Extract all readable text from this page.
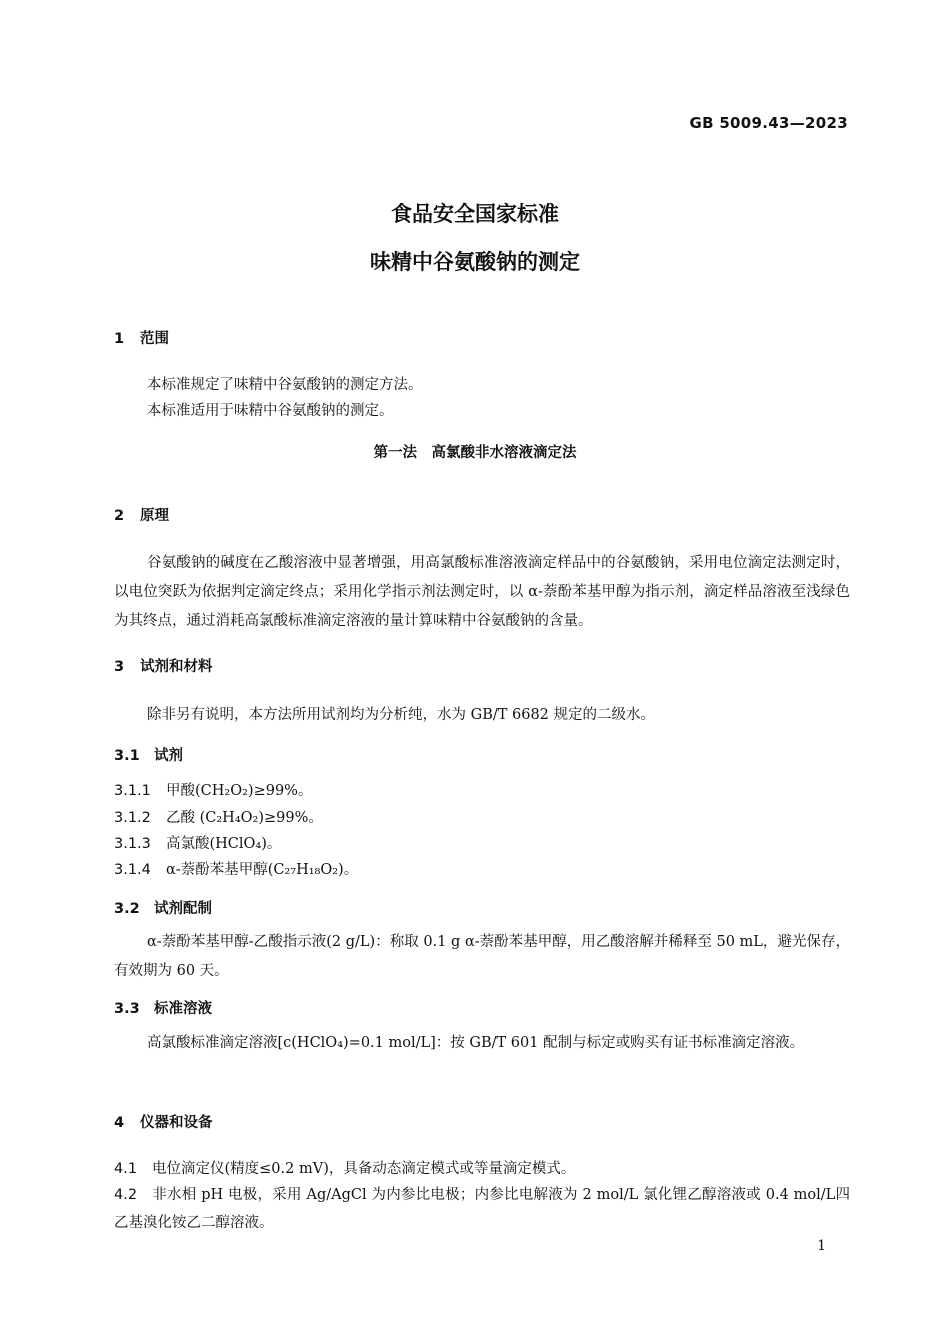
GB 5009.43—2023
食品安全国家标准
味精中谷氨酸钠的测定
1 范围
本标准规定了味精中谷氨酸钠的测定方法。
本标准适用于味精中谷氨酸钠的测定。
第一法　高氯酸非水溶液滴定法
2 原理
谷氨酸钠的碱度在乙酸溶液中显著增强，用高氯酸标准溶液滴定样品中的谷氨酸钠，采用电位滴定法测定时，以电位突跃为依据判定滴定终点；采用化学指示剂法测定时，以 α-萘酚苯基甲醇为指示剂，滴定样品溶液至浅绿色为其终点，通过消耗高氯酸标准滴定溶液的量计算味精中谷氨酸钠的含量。
3 试剂和材料
除非另有说明，本方法所用试剂均为分析纯，水为 GB/T 6682 规定的二级水。
3.1 试剂
3.1.1 甲酸(CH₂O₂)≥99%。
3.1.2 乙酸 (C₂H₄O₂)≥99%。
3.1.3 高氯酸(HClO₄)。
3.1.4 α-萘酚苯基甲醇(C₂₇H₁₈O₂)。
3.2 试剂配制
α-萘酚苯基甲醇-乙酸指示液(2 g/L)：称取 0.1 g α-萘酚苯基甲醇，用乙酸溶解并稀释至 50 mL，避光保存，有效期为 60 天。
3.3 标准溶液
高氯酸标准滴定溶液[c(HClO₄)=0.1 mol/L]：按 GB/T 601 配制与标定或购买有证书标准滴定溶液。
4 仪器和设备
4.1 电位滴定仪(精度≤0.2 mV)，具备动态滴定模式或等量滴定模式。
4.2 非水相 pH 电极，采用 Ag/AgCl 为内参比电极；内参比电解液为 2 mol/L 氯化锂乙醇溶液或 0.4 mol/L四乙基溴化铵乙二醇溶液。
1
